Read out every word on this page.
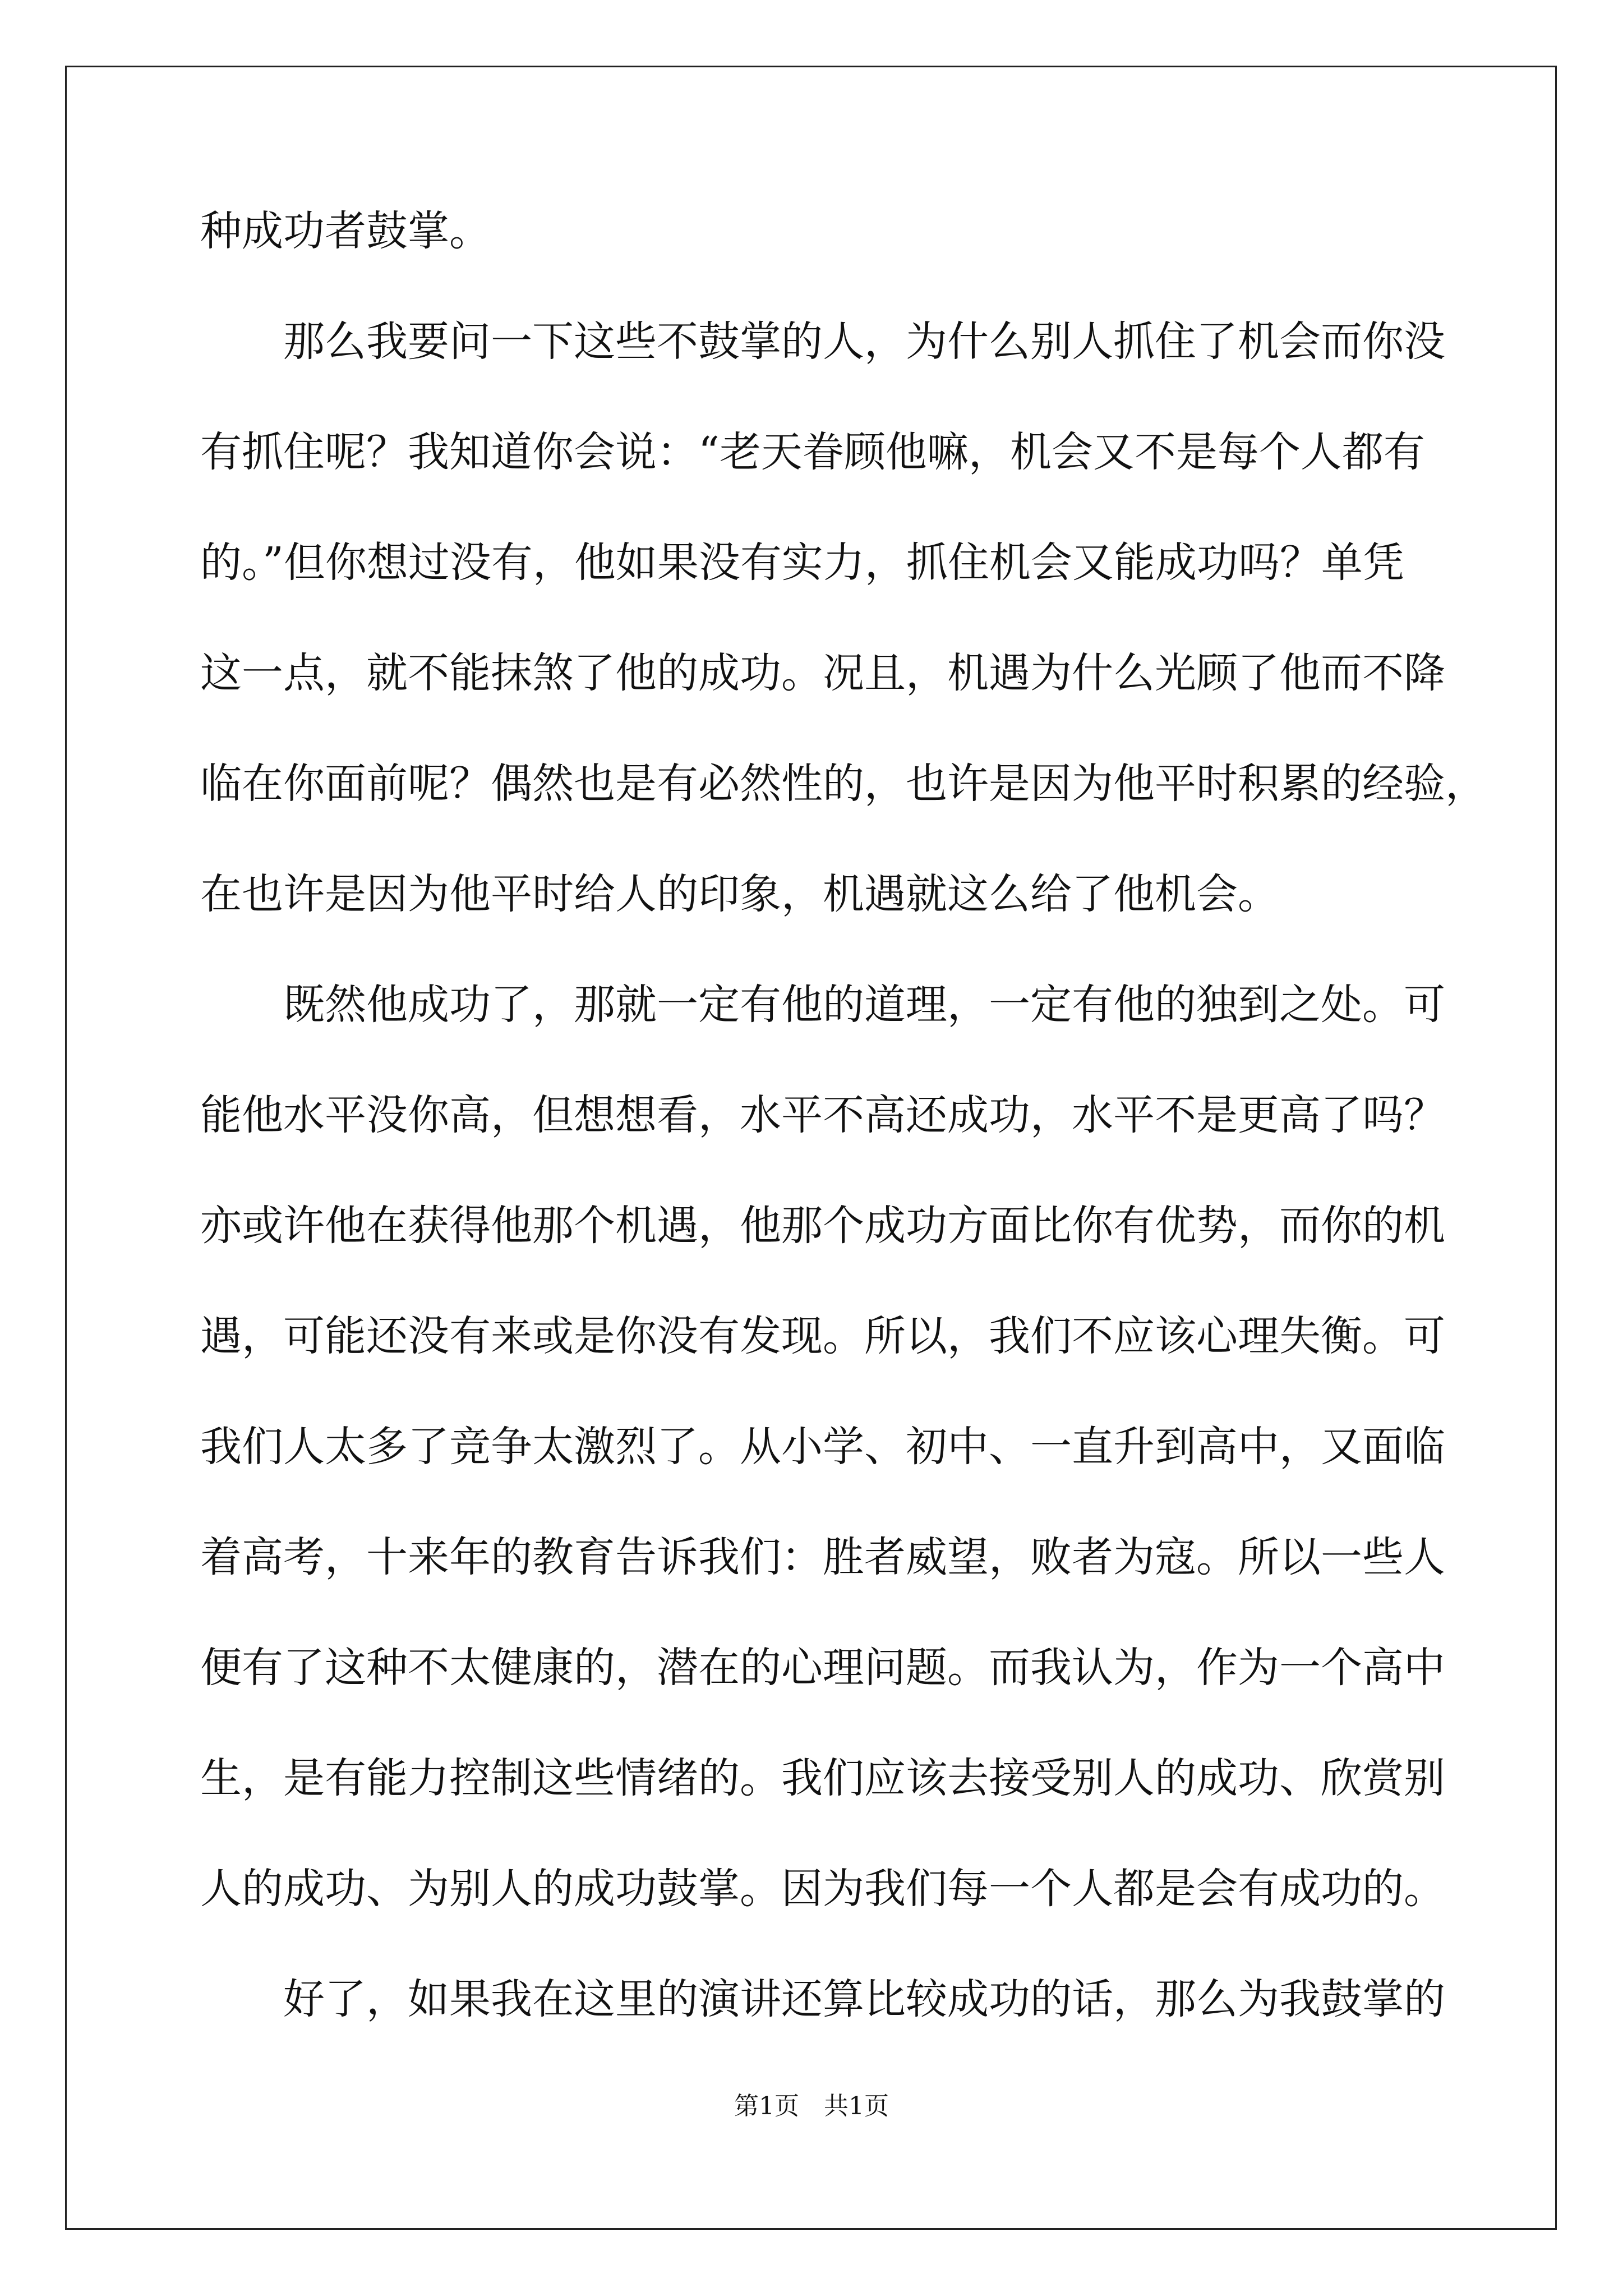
种成功者鼓掌。
那么我要问一下这些不鼓掌的人，为什么别人抓住了机会而你没
有抓住呢？我知道你会说：“老天眷顾他嘛，机会又不是每个人都有
的。”但你想过没有，他如果没有实力，抓住机会又能成功吗？单凭
这一点，就不能抹煞了他的成功。况且，机遇为什么光顾了他而不降
临在你面前呢？偶然也是有必然性的，也许是因为他平时积累的经验，
在也许是因为他平时给人的印象，机遇就这么给了他机会。
既然他成功了，那就一定有他的道理，一定有他的独到之处。可
能他水平没你高，但想想看，水平不高还成功，水平不是更高了吗？
亦或许他在获得他那个机遇，他那个成功方面比你有优势，而你的机
遇，可能还没有来或是你没有发现。所以，我们不应该心理失衡。可
我们人太多了竞争太激烈了。从小学、初中、一直升到高中，又面临
着高考，十来年的教育告诉我们：胜者威望，败者为寇。所以一些人
便有了这种不太健康的，潜在的心理问题。而我认为，作为一个高中
生，是有能力控制这些情绪的。我们应该去接受别人的成功、欣赏别
人的成功、为别人的成功鼓掌。因为我们每一个人都是会有成功的。
好了，如果我在这里的演讲还算比较成功的话，那么为我鼓掌的
第1页　共1页
